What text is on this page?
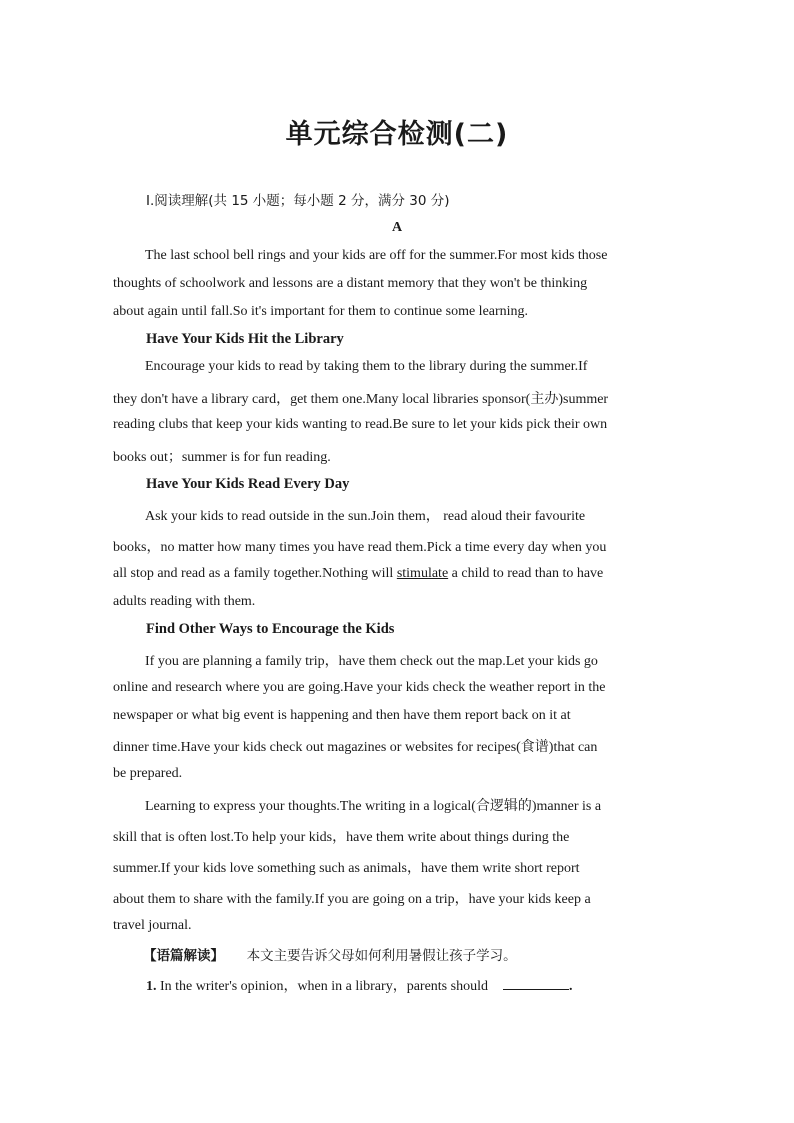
单元综合检测(二)
Ⅰ.阅读理解(共 15 小题；每小题 2 分，满分 30 分)
A
The last school bell rings and your kids are off for the summer.For most kids those
thoughts of schoolwork and lessons are a distant memory that they won't be thinking
about again until fall.So it's important for them to continue some learning.
Have Your Kids Hit the Library
Encourage your kids to read by taking them to the library during the summer.If
they don't have a library card，get them one.Many local libraries sponsor(主办)summer
reading clubs that keep your kids wanting to read.Be sure to let your kids pick their own
books out；summer is for fun reading.
Have Your Kids Read Every Day
Ask your kids to read outside in the sun.Join them， read aloud their favourite
books，no matter how many times you have read them.Pick a time every day when you
all stop and read as a family together.Nothing will stimulate a child to read than to have
adults reading with them.
Find Other Ways to Encourage the Kids
If you are planning a family trip，have them check out the map.Let your kids go
online and research where you are going.Have your kids check the weather report in the
newspaper or what big event is happening and then have them report back on it at
dinner time.Have your kids check out magazines or websites for recipes(食谱)that can
be prepared.
Learning to express your thoughts.The writing in a logical(合逻辑的)manner is a
skill that is often lost.To help your kids，have them write about things during the
summer.If your kids love something such as animals，have them write short report
about them to share with the family.If you are going on a trip，have your kids keep a
travel journal.
【语篇解读】 本文主要告诉父母如何利用暑假让孩子学习。
1. In the writer's opinion，when in a library，parents should	.
